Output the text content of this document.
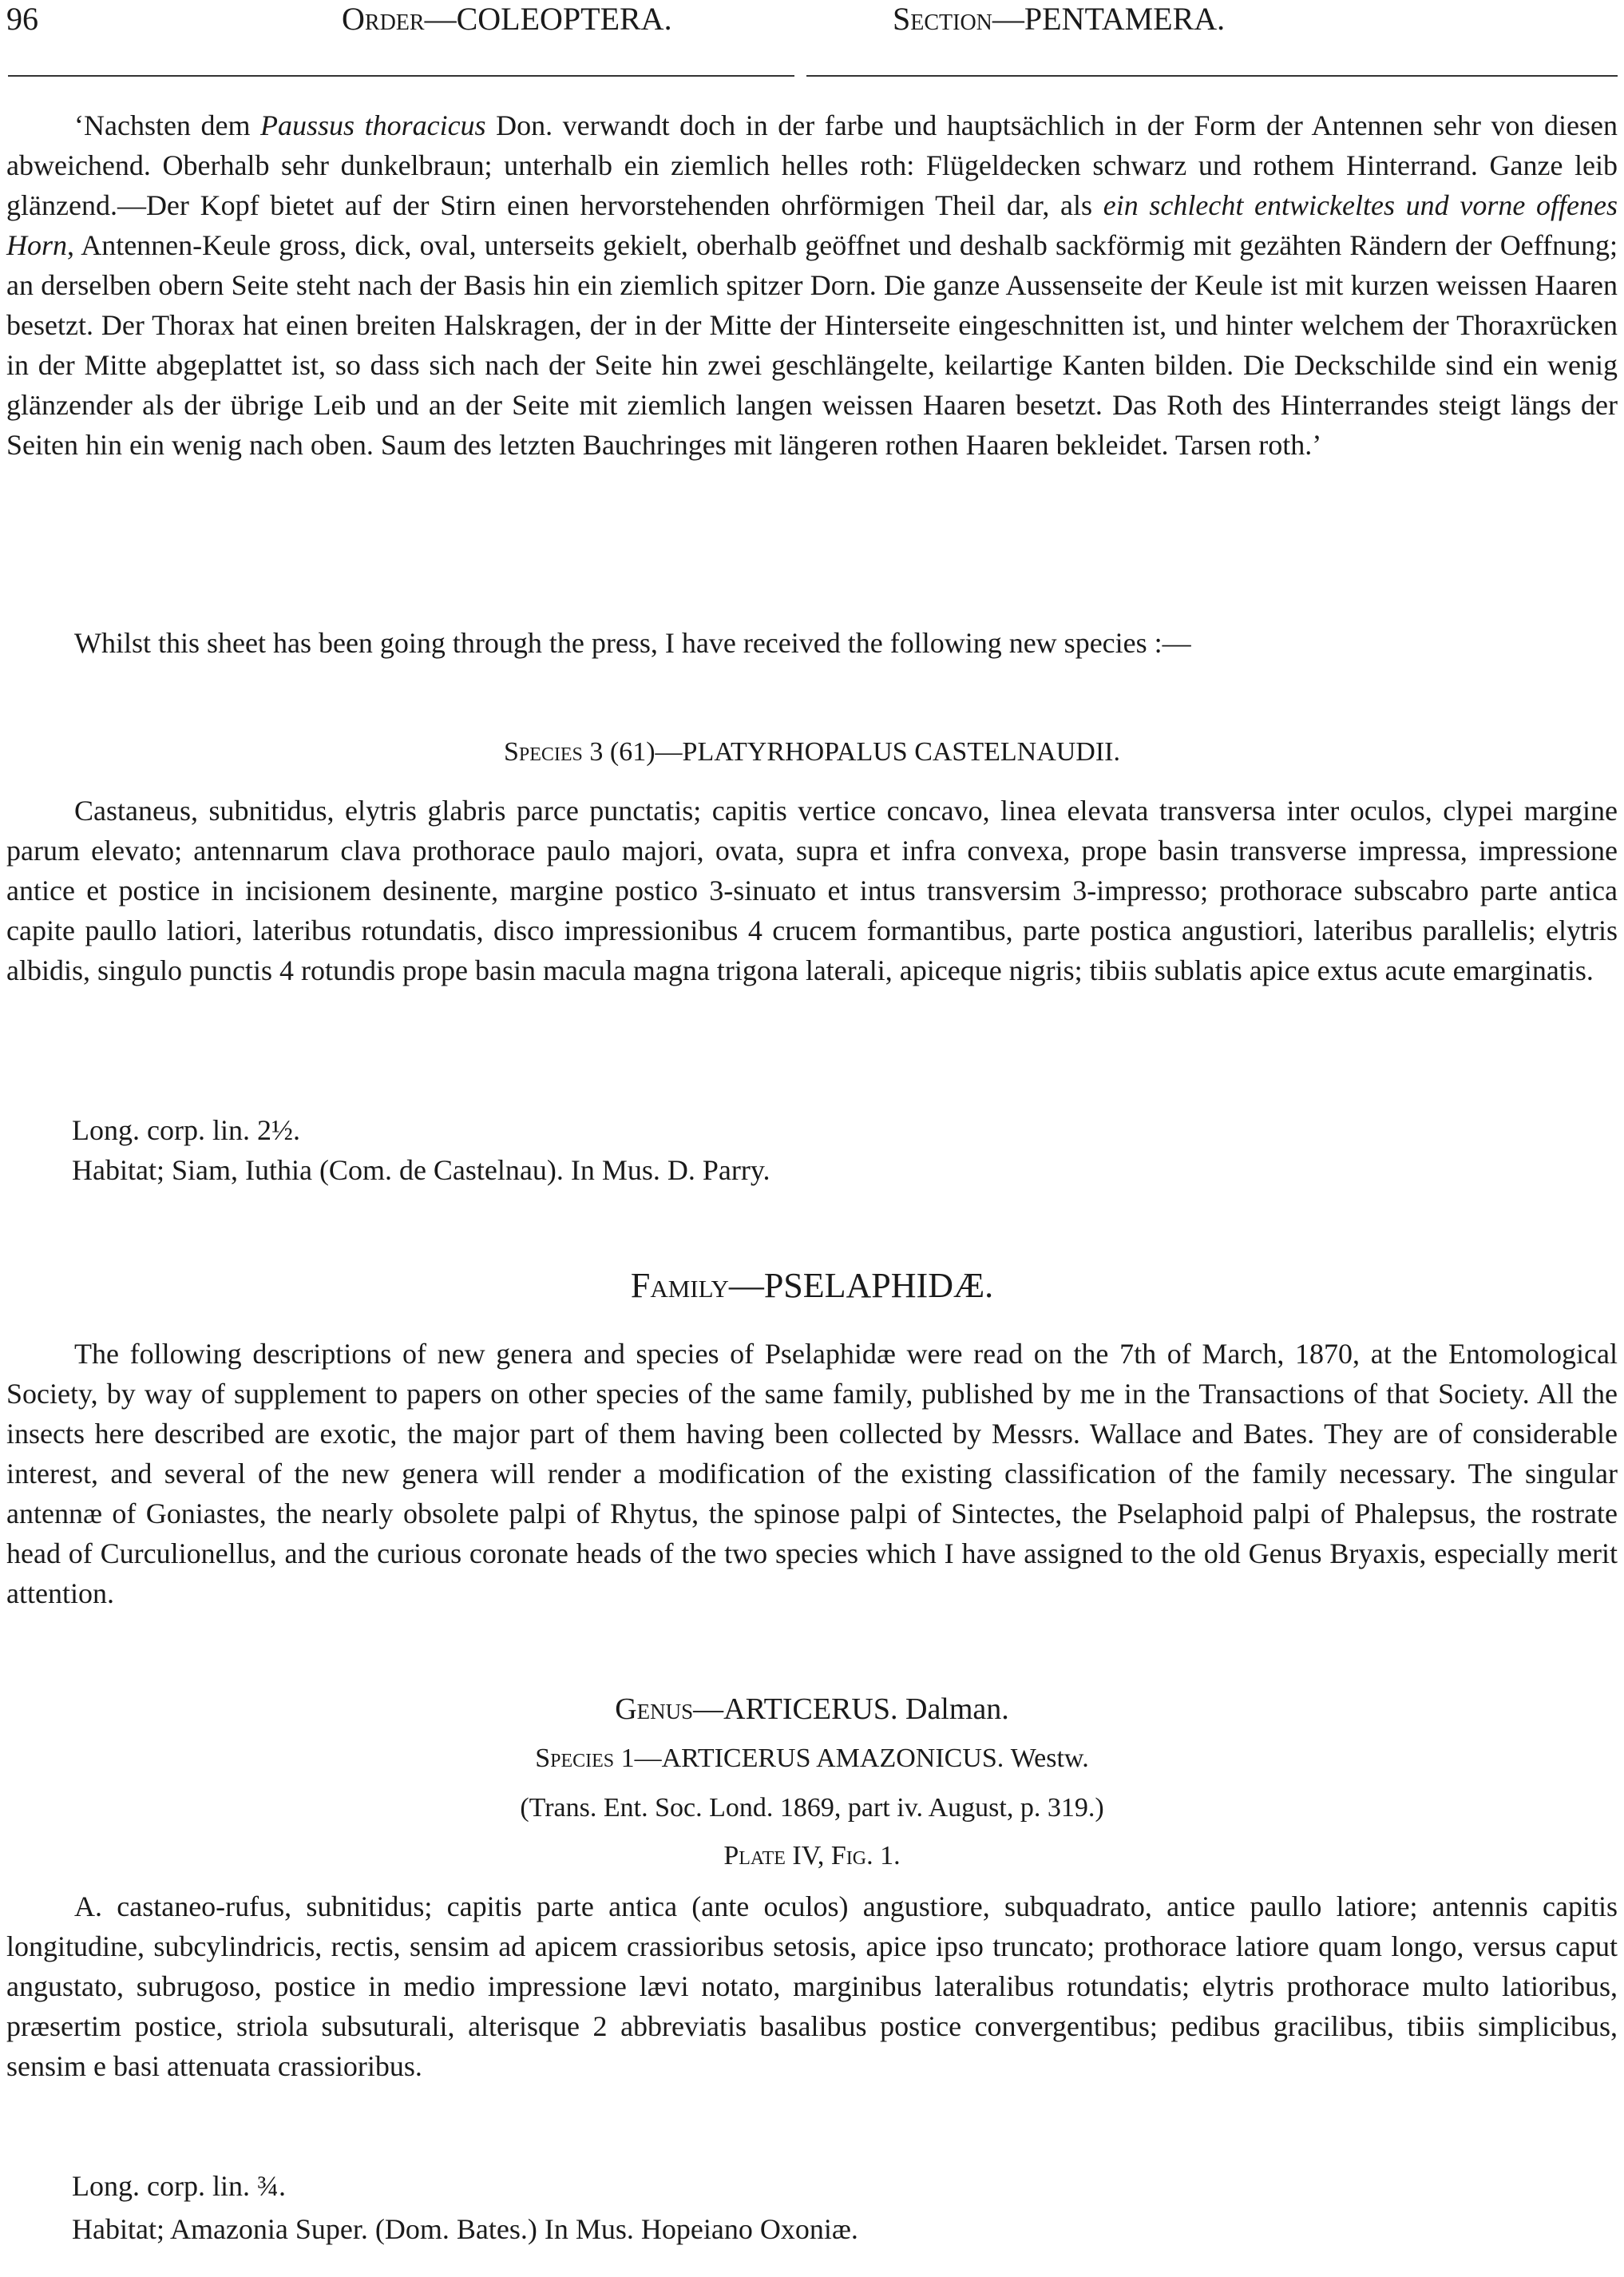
96	Order—COLEOPTERA.	Section—PENTAMERA.
‘Nachsten dem Paussus thoracicus Don. verwandt doch in der farbe und hauptsächlich in der Form der Antennen sehr von diesen abweichend. Oberhalb sehr dunkelbraun; unterhalb ein ziemlich helles roth: Flügeldecken schwarz und rothem Hinterrand. Ganze leib glänzend.—Der Kopf bietet auf der Stirn einen hervorstehenden ohrförmigen Theil dar, als ein schlecht entwickeltes und vorne offenes Horn, Antennen-Keule gross, dick, oval, unterseits gekielt, oberhalb geöffnet und deshalb sackförmig mit gezähten Rändern der Oeffnung; an derselben obern Seite steht nach der Basis hin ein ziemlich spitzer Dorn. Die ganze Aussenseite der Keule ist mit kurzen weissen Haaren besetzt. Der Thorax hat einen breiten Halskragen, der in der Mitte der Hinterseite eingeschnitten ist, und hinter welchem der Thoraxrücken in der Mitte abgeplattet ist, so dass sich nach der Seite hin zwei geschlängelte, keilartige Kanten bilden. Die Deckschilde sind ein wenig glänzender als der übrige Leib und an der Seite mit ziemlich langen weissen Haaren besetzt. Das Roth des Hinterrandes steigt längs der Seiten hin ein wenig nach oben. Saum des letzten Bauchringes mit längeren rothen Haaren bekleidet. Tarsen roth.’
Whilst this sheet has been going through the press, I have received the following new species :—
Species 3 (61)—PLATYRHOPALUS CASTELNAUDII.
Castaneus, subnitidus, elytris glabris parce punctatis; capitis vertice concavo, linea elevata transversa inter oculos, clypei margine parum elevato; antennarum clava prothorace paulo majori, ovata, supra et infra convexa, prope basin transverse impressa, impressione antice et postice in incisionem desinente, margine postico 3-sinuato et intus transversim 3-impresso; prothorace subscabro parte antica capite paullo latiori, lateribus rotundatis, disco impressionibus 4 crucem formantibus, parte postica angustiori, lateribus parallelis; elytris albidis, singulo punctis 4 rotundis prope basin macula magna trigona laterali, apiceque nigris; tibiis sublatis apice extus acute emarginatis.
Long. corp. lin. 2½.
Habitat; Siam, Iuthia (Com. de Castelnau). In Mus. D. Parry.
Family—PSELAPHIDÆ.
The following descriptions of new genera and species of Pselaphidæ were read on the 7th of March, 1870, at the Entomological Society, by way of supplement to papers on other species of the same family, published by me in the Transactions of that Society. All the insects here described are exotic, the major part of them having been collected by Messrs. Wallace and Bates. They are of considerable interest, and several of the new genera will render a modification of the existing classification of the family necessary. The singular antennæ of Goniastes, the nearly obsolete palpi of Rhytus, the spinose palpi of Sintectes, the Pselaphoid palpi of Phalepsus, the rostrate head of Curculionellus, and the curious coronate heads of the two species which I have assigned to the old Genus Bryaxis, especially merit attention.
Genus—ARTICERUS. Dalman.
Species 1—ARTICERUS AMAZONICUS. Westw.
(Trans. Ent. Soc. Lond. 1869, part iv. August, p. 319.)
Plate IV, Fig. 1.
A. castaneo-rufus, subnitidus; capitis parte antica (ante oculos) angustiore, subquadrato, antice paullo latiore; antennis capitis longitudine, subcylindricis, rectis, sensim ad apicem crassioribus setosis, apice ipso truncato; prothorace latiore quam longo, versus caput angustato, subrugoso, postice in medio impressione lævi notato, marginibus lateralibus rotundatis; elytris prothorace multo latioribus, præsertim postice, striola subsuturali, alterisque 2 abbreviatis basalibus postice convergentibus; pedibus gracilibus, tibiis simplicibus, sensim e basi attenuata crassioribus.
Long. corp. lin. ¾.
Habitat; Amazonia Super. (Dom. Bates.) In Mus. Hopeiano Oxoniæ.
